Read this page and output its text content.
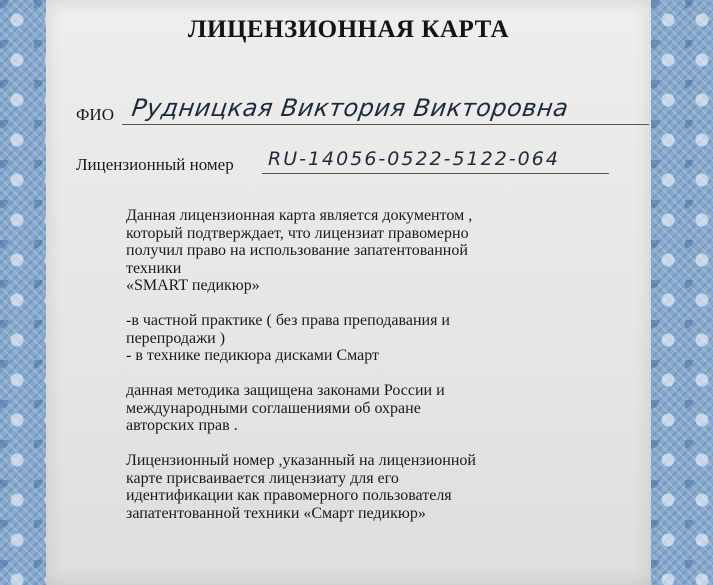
ЛИЦЕНЗИОННАЯ КАРТА
ФИО Рудницкая Виктория Викторовна
Лицензионный номер RU-14056-0522-5122-064

Данная лицензионная карта является документом ,

который подтверждает, что лицензиат правомерно

получил право на использование запатентованной

техники

«SMART педикюр»

-в частной практике ( без права преподавания и

перепродажи )

- в технике педикюра дисками Смарт

данная методика защищена законами России и

международными соглашениями об охране

авторских прав .

Лицензионный номер ,указанный на лицензионной

карте присваивается лицензиату для его

идентификации как правомерного пользователя

запатентованной техники «Смарт педикюр»
